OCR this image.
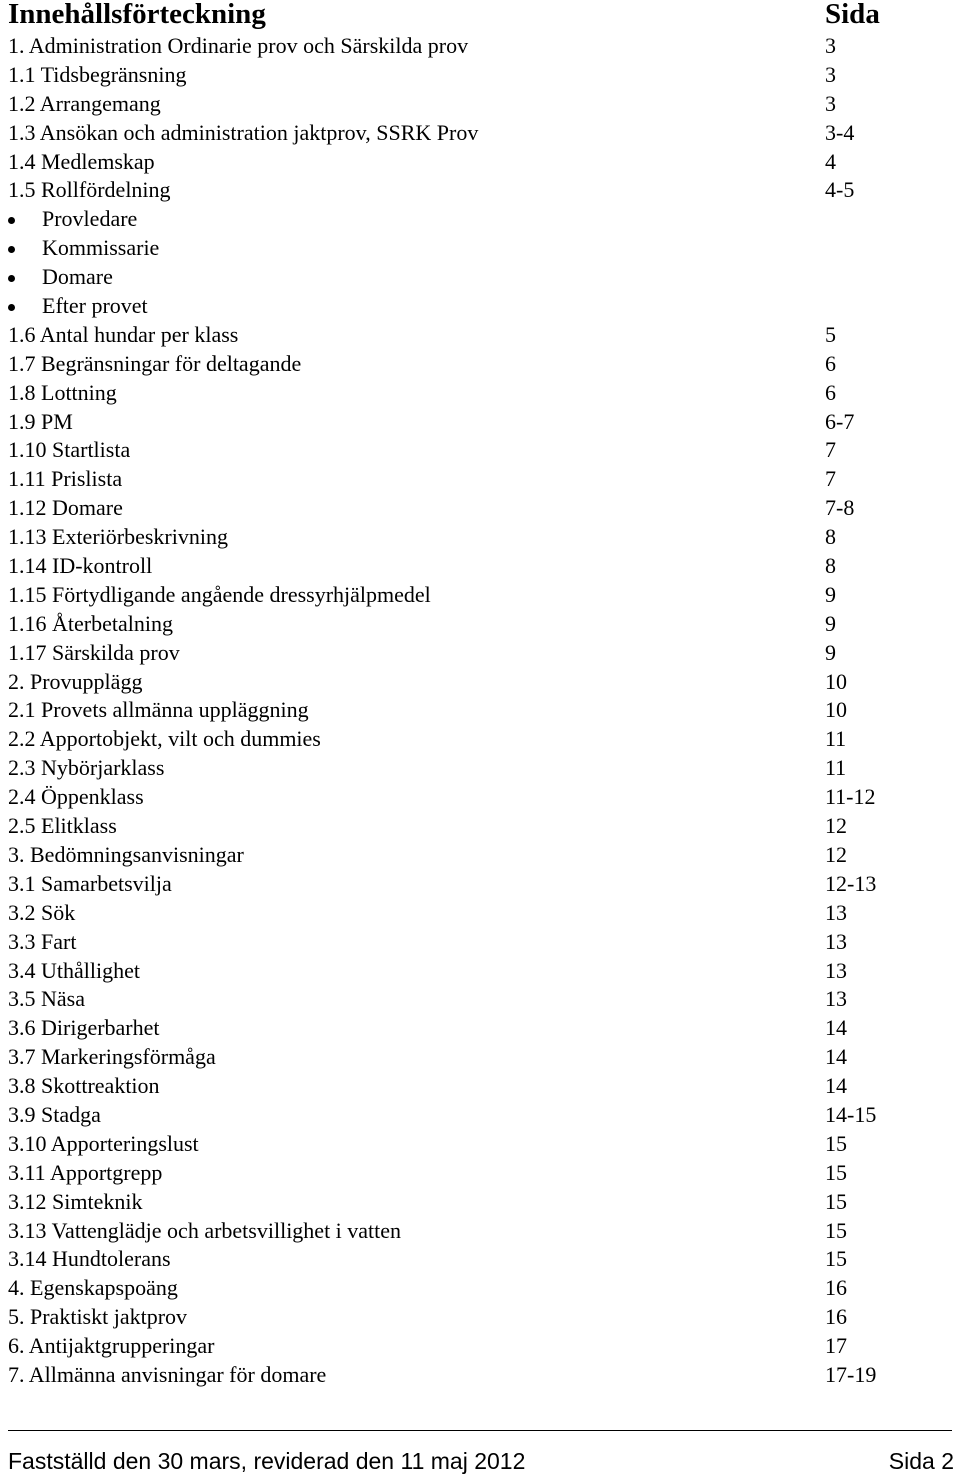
Innehållsförteckning	Sida
1. Administration Ordinarie prov och Särskilda prov	3
1.1 Tidsbegränsning	3
1.2 Arrangemang	3
1.3 Ansökan och administration jaktprov, SSRK Prov	3-4
1.4 Medlemskap	4
1.5 Rollfördelning	4-5
Provledare
Kommissarie
Domare
Efter provet
1.6 Antal hundar per klass	5
1.7 Begränsningar för deltagande	6
1.8 Lottning	6
1.9 PM	6-7
1.10 Startlista	7
1.11 Prislista	7
1.12 Domare	7-8
1.13 Exteriörbeskrivning	8
1.14 ID-kontroll	8
1.15 Förtydligande angående dressyrhjälpmedel	9
1.16 Återbetalning	9
1.17 Särskilda prov	9
2. Provupplägg	10
2.1 Provets allmänna uppläggning	10
2.2 Apportobjekt, vilt och dummies	11
2.3 Nybörjarklass	11
2.4 Öppenklass	11-12
2.5 Elitklass	12
3. Bedömningsanvisningar	12
3.1 Samarbetsvilja	12-13
3.2 Sök	13
3.3 Fart	13
3.4 Uthållighet	13
3.5 Näsa	13
3.6 Dirigerbarhet	14
3.7 Markeringsförmåga	14
3.8 Skottreaktion	14
3.9 Stadga	14-15
3.10 Apporteringslust	15
3.11 Apportgrepp	15
3.12 Simteknik	15
3.13 Vattenglädje och arbetsvillighet i vatten	15
3.14 Hundtolerans	15
4. Egenskapspoäng	16
5. Praktiskt jaktprov	16
6. Antijaktgrupperingar	17
7. Allmänna anvisningar för domare	17-19
Fastställd den 30 mars, reviderad den 11 maj 2012	Sida 2
